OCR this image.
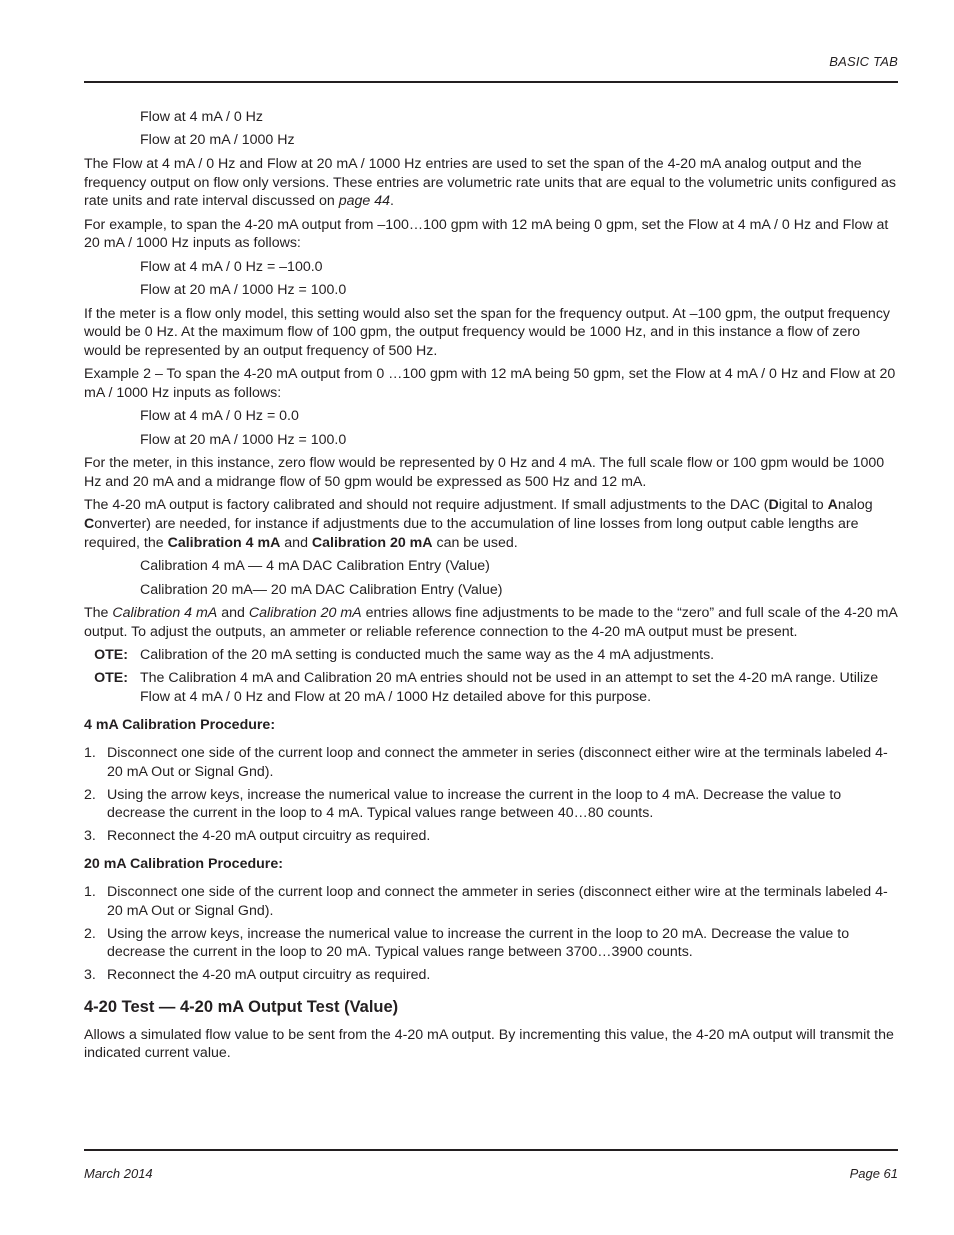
BASIC TAB
Flow at 4 mA / 0 Hz
Flow at 20 mA / 1000 Hz
The Flow at 4 mA / 0 Hz and Flow at 20 mA / 1000 Hz entries are used to set the span of the 4-20 mA analog output and the frequency output on flow only versions. These entries are volumetric rate units that are equal to the volumetric units configured as rate units and rate interval discussed on page 44.
For example, to span the 4-20 mA output from –100…100 gpm with 12 mA being 0 gpm, set the Flow at 4 mA / 0 Hz and Flow at 20 mA / 1000 Hz inputs as follows:
Flow at 4 mA / 0 Hz = –100.0
Flow at 20 mA / 1000 Hz = 100.0
If the meter is a flow only model, this setting would also set the span for the frequency output. At –100 gpm, the output frequency would be 0 Hz. At the maximum flow of 100 gpm, the output frequency would be 1000 Hz, and in this instance a flow of zero would be represented by an output frequency of 500 Hz.
Example 2 – To span the 4-20 mA output from 0 …100 gpm with 12 mA being 50 gpm, set the Flow at 4 mA / 0 Hz and Flow at 20 mA / 1000 Hz inputs as follows:
Flow at 4 mA / 0 Hz = 0.0
Flow at 20 mA / 1000 Hz = 100.0
For the meter, in this instance, zero flow would be represented by 0 Hz and 4 mA. The full scale flow or 100 gpm would be 1000 Hz and 20 mA and a midrange flow of 50 gpm would be expressed as 500 Hz and 12 mA.
The 4-20 mA output is factory calibrated and should not require adjustment. If small adjustments to the DAC (Digital to Analog Converter) are needed, for instance if adjustments due to the accumulation of line losses from long output cable lengths are required, the Calibration 4 mA and Calibration 20 mA can be used.
Calibration 4 mA — 4 mA DAC Calibration Entry (Value)
Calibration 20 mA— 20 mA DAC Calibration Entry (Value)
The Calibration 4 mA and Calibration 20 mA entries allows fine adjustments to be made to the “zero” and full scale of the 4-20 mA output. To adjust the outputs, an ammeter or reliable reference connection to the 4-20 mA output must be present.
OTE: Calibration of the 20 mA setting is conducted much the same way as the 4 mA adjustments.
OTE: The Calibration 4 mA and Calibration 20 mA entries should not be used in an attempt to set the 4-20 mA range. Utilize Flow at 4 mA / 0 Hz and Flow at 20 mA / 1000 Hz detailed above for this purpose.
4 mA Calibration Procedure:
1. Disconnect one side of the current loop and connect the ammeter in series (disconnect either wire at the terminals labeled 4-20 mA Out or Signal Gnd).
2. Using the arrow keys, increase the numerical value to increase the current in the loop to 4 mA. Decrease the value to decrease the current in the loop to 4 mA. Typical values range between 40…80 counts.
3. Reconnect the 4-20 mA output circuitry as required.
20 mA Calibration Procedure:
1. Disconnect one side of the current loop and connect the ammeter in series (disconnect either wire at the terminals labeled 4-20 mA Out or Signal Gnd).
2. Using the arrow keys, increase the numerical value to increase the current in the loop to 20 mA. Decrease the value to decrease the current in the loop to 20 mA. Typical values range between 3700…3900 counts.
3. Reconnect the 4-20 mA output circuitry as required.
4-20 Test — 4-20 mA Output Test (Value)
Allows a simulated flow value to be sent from the 4-20 mA output. By incrementing this value, the 4-20 mA output will transmit the indicated current value.
March 2014	Page 61
